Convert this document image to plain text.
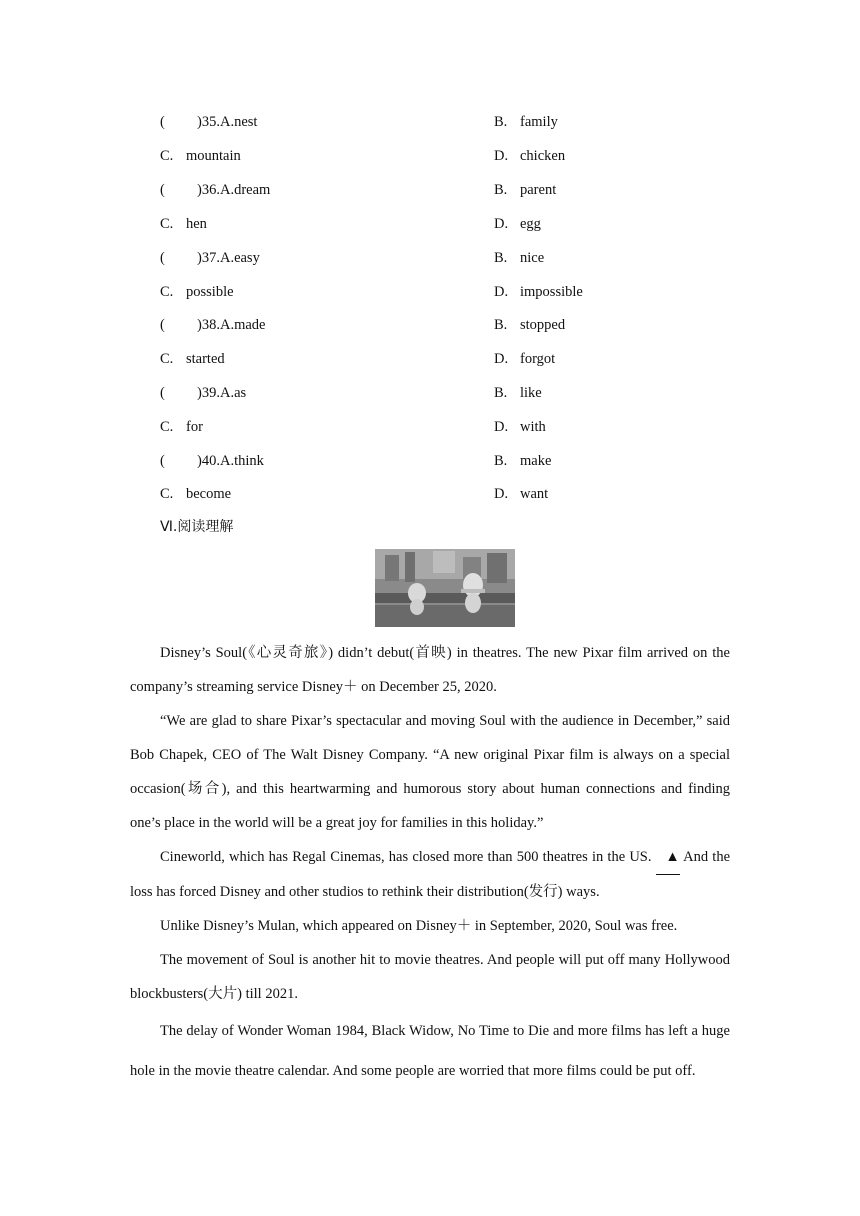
( )35.A.nest	B. family
C. mountain	D. chicken
( )36.A.dream	B. parent
C. hen	D. egg
( )37.A.easy	B. nice
C. possible	D. impossible
( )38.A.made	B. stopped
C. started	D. forgot
( )39.A.as	B. like
C. for	D. with
( )40.A.think	B. make
C. become	D. want
Ⅵ.阅读理解

Disney’s Soul(《心灵奇旅》) didn’t debut(首映) in theatres. The new Pixar film arrived on the company’s streaming service Disney＋ on December 25, 2020.

“We are glad to share Pixar’s spectacular and moving Soul with the audience in December,” said Bob Chapek, CEO of The Walt Disney Company. “A new original Pixar film is always on a special occasion(场合), and this heartwarming and humorous story about human connections and finding one’s place in the world will be a great joy for families in this holiday.”

Cineworld, which has Regal Cinemas, has closed more than 500 theatres in the US. ▲ And the loss has forced Disney and other studios to rethink their distribution(发行) ways.

Unlike Disney’s Mulan, which appeared on Disney＋ in September, 2020, Soul was free.

The movement of Soul is another hit to movie theatres. And people will put off many Hollywood blockbusters(大片) till 2021.

The delay of Wonder Woman 1984, Black Widow, No Time to Die and more films has left a huge hole in the movie theatre calendar. And some people are worried that more films could be put off.
